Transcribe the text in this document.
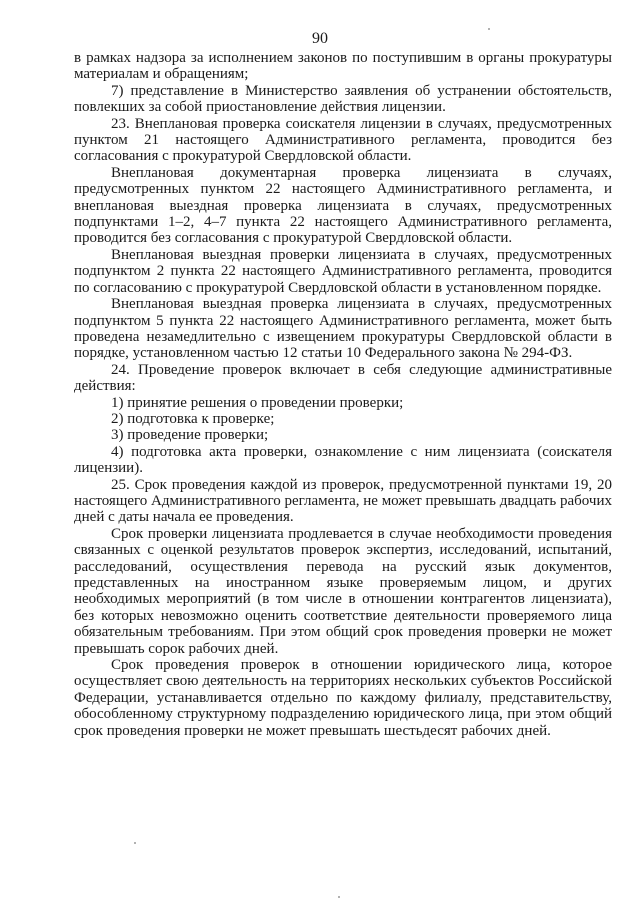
90

в рамках надзора за исполнением законов по поступившим в органы прокуратуры материалам и обращениям;

7) представление в Министерство заявления об устранении обстоятельств, повлекших за собой приостановление действия лицензии.

23. Внеплановая проверка соискателя лицензии в случаях, предусмотренных пунктом 21 настоящего Административного регламента, проводится без согласования с прокуратурой Свердловской области.

Внеплановая документарная проверка лицензиата в случаях, предусмотренных пунктом 22 настоящего Административного регламента, и внеплановая выездная проверка лицензиата в случаях, предусмотренных подпунктами 1–2, 4–7 пункта 22 настоящего Административного регламента, проводится без согласования с прокуратурой Свердловской области.

Внеплановая выездная проверки лицензиата в случаях, предусмотренных подпунктом 2 пункта 22 настоящего Административного регламента, проводится по согласованию с прокуратурой Свердловской области в установленном порядке.

Внеплановая выездная проверка лицензиата в случаях, предусмотренных подпунктом 5 пункта 22 настоящего Административного регламента, может быть проведена незамедлительно с извещением прокуратуры Свердловской области в порядке, установленном частью 12 статьи 10 Федерального закона № 294-ФЗ.

24. Проведение проверок включает в себя следующие административные действия:

1) принятие решения о проведении проверки;

2) подготовка к проверке;

3) проведение проверки;

4) подготовка акта проверки, ознакомление с ним лицензиата (соискателя лицензии).

25. Срок проведения каждой из проверок, предусмотренной пунктами 19, 20 настоящего Административного регламента, не может превышать двадцать рабочих дней с даты начала ее проведения.

Срок проверки лицензиата продлевается в случае необходимости проведения связанных с оценкой результатов проверок экспертиз, исследований, испытаний, расследований, осуществления перевода на русский язык документов, представленных на иностранном языке проверяемым лицом, и других необходимых мероприятий (в том числе в отношении контрагентов лицензиата), без которых невозможно оценить соответствие деятельности проверяемого лица обязательным требованиям. При этом общий срок проведения проверки не может превышать сорок рабочих дней.

Срок проведения проверок в отношении юридического лица, которое осуществляет свою деятельность на территориях нескольких субъектов Российской Федерации, устанавливается отдельно по каждому филиалу, представительству, обособленному структурному подразделению юридического лица, при этом общий срок проведения проверки не может превышать шестьдесят рабочих дней.
